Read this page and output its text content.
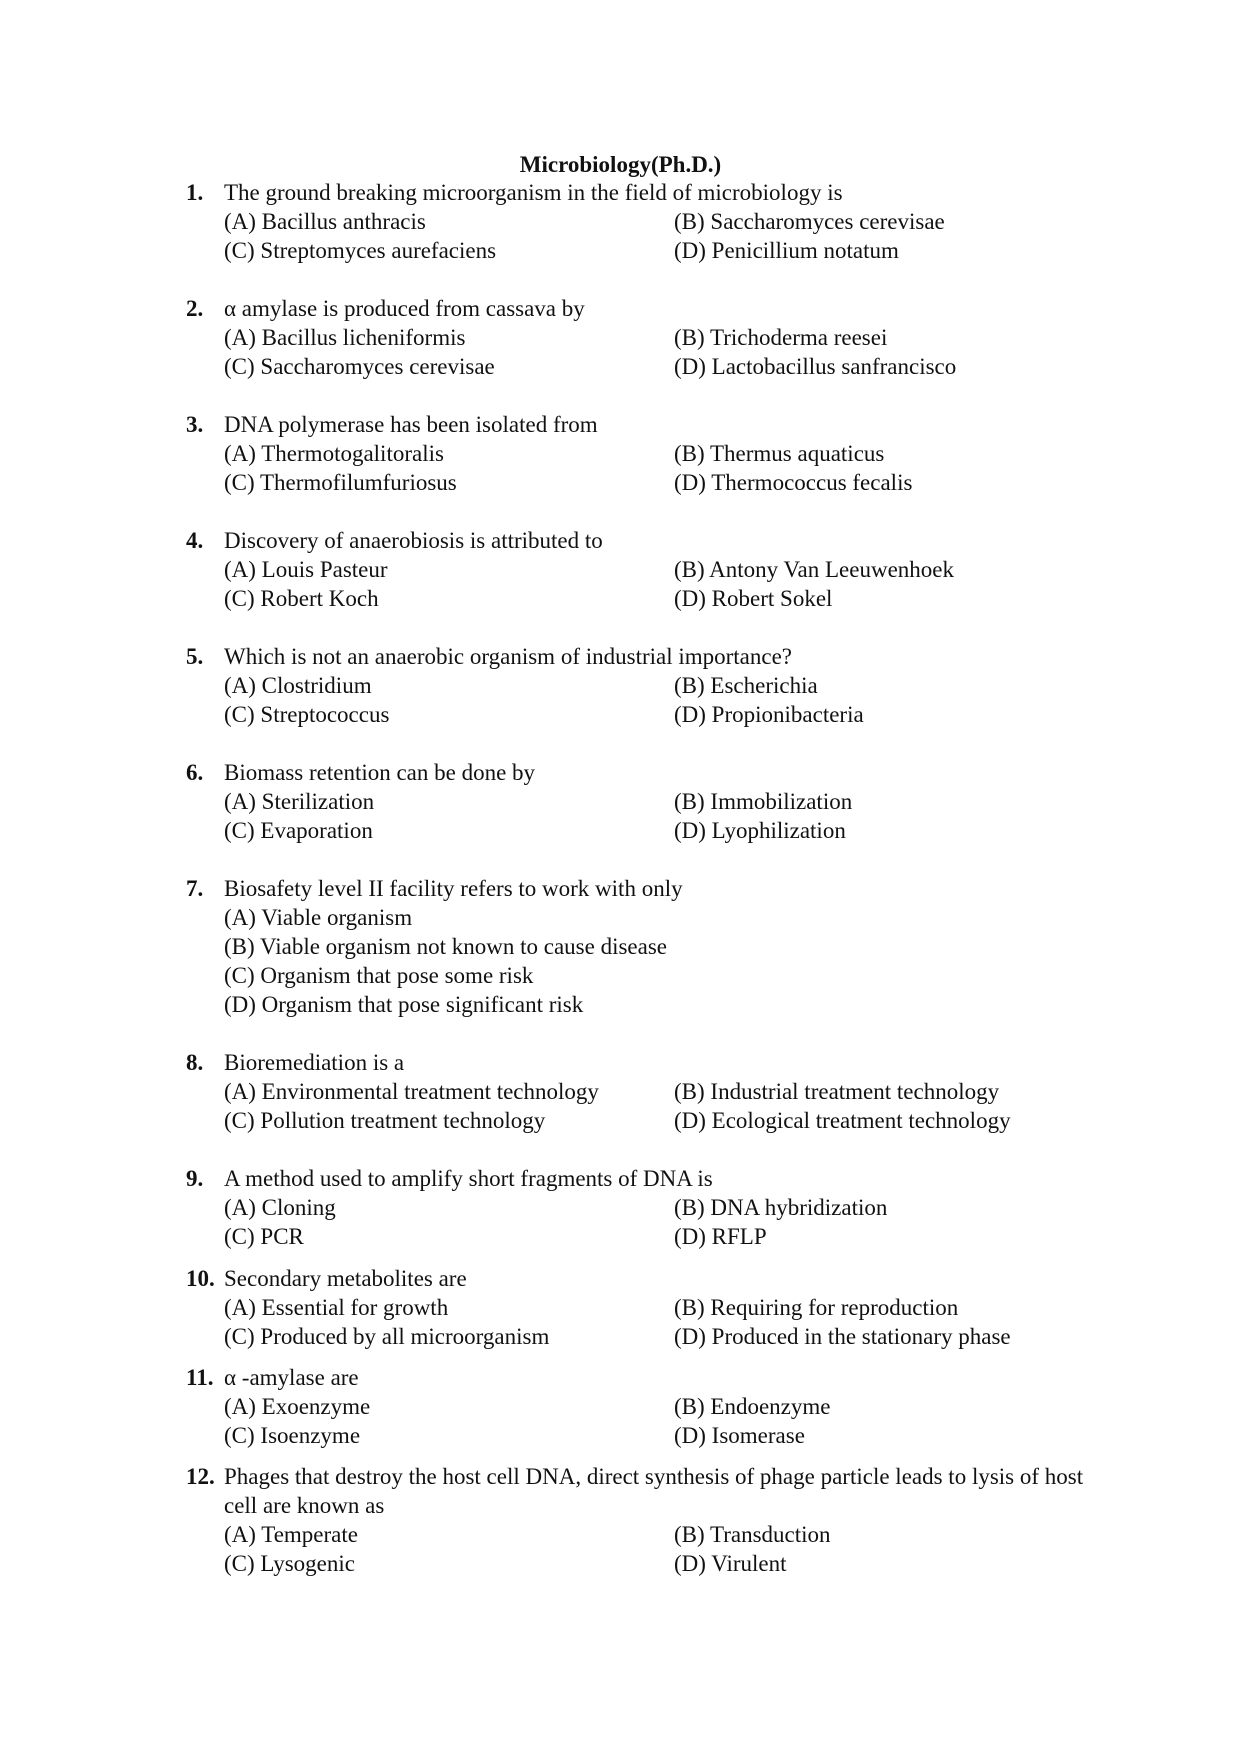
Microbiology(Ph.D.)
1. The ground breaking microorganism in the field of microbiology is
(A) Bacillus anthracis	(B) Saccharomyces cerevisae
(C) Streptomyces aurefaciens	(D) Penicillium notatum
2. α amylase is produced from cassava by
(A) Bacillus licheniformis	(B) Trichoderma reesei
(C) Saccharomyces cerevisae	(D) Lactobacillus sanfrancisco
3. DNA polymerase has been isolated from
(A) Thermotogalitoralis	(B) Thermus aquaticus
(C) Thermofilumfuriosus	(D) Thermococcus fecalis
4. Discovery of anaerobiosis is attributed to
(A) Louis Pasteur	(B) Antony Van Leeuwenhoek
(C) Robert Koch	(D) Robert Sokel
5. Which is not an anaerobic organism of industrial importance?
(A) Clostridium	(B) Escherichia
(C) Streptococcus	(D) Propionibacteria
6. Biomass retention can be done by
(A) Sterilization	(B) Immobilization
(C) Evaporation	(D) Lyophilization
7. Biosafety level II facility refers to work with only
(A) Viable organism
(B) Viable organism not known to cause disease
(C) Organism that pose some risk
(D) Organism that pose significant risk
8. Bioremediation is a
(A) Environmental treatment technology	(B) Industrial treatment technology
(C) Pollution treatment technology	(D) Ecological treatment technology
9. A method used to amplify short fragments of DNA is
(A) Cloning	(B) DNA hybridization
(C) PCR	(D) RFLP
10. Secondary metabolites are
(A) Essential for growth	(B) Requiring for reproduction
(C) Produced by all microorganism	(D) Produced in the stationary phase
11. α -amylase are
(A) Exoenzyme	(B) Endoenzyme
(C) Isoenzyme	(D) Isomerase
12. Phages that destroy the host cell DNA, direct synthesis of phage particle leads to lysis of host cell are known as
(A) Temperate	(B) Transduction
(C) Lysogenic	(D) Virulent
